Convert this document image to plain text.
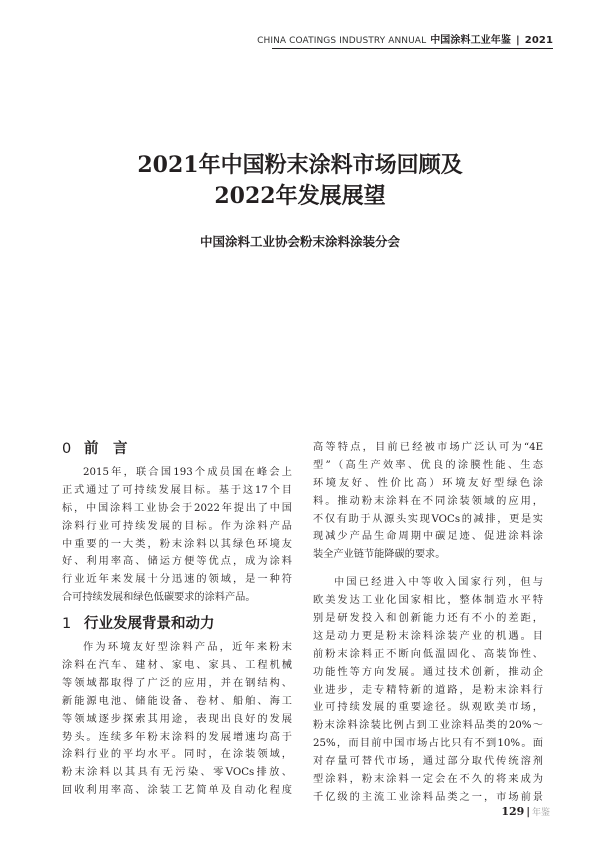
CHINA COATINGS INDUSTRY ANNUAL 中国涂料工业年鉴 | 2021
2021年中国粉末涂料市场回顾及
2022年发展展望
中国涂料工业协会粉末涂料涂装分会
0 前　言
2015年，联合国193个成员国在峰会上
正式通过了可持续发展目标。基于这17个目
标，中国涂料工业协会于2022年提出了中国
涂料行业可持续发展的目标。作为涂料产品
中重要的一大类，粉末涂料以其绿色环境友
好、利用率高、储运方便等优点，成为涂料
行业近年来发展十分迅速的领域，是一种符
合可持续发展和绿色低碳要求的涂料产品。
1 行业发展背景和动力
作为环境友好型涂料产品，近年来粉末
涂料在汽车、建材、家电、家具、工程机械
等领域都取得了广泛的应用，并在钢结构、
新能源电池、储能设备、卷材、船舶、海工
等领域逐步探索其用途，表现出良好的发展
势头。连续多年粉末涂料的发展增速均高于
涂料行业的平均水平。同时，在涂装领域，
粉末涂料以其具有无污染、零VOCs排放、
回收利用率高、涂装工艺简单及自动化程度
高等特点，目前已经被市场广泛认可为“4E
型”（高生产效率、优良的涂膜性能、生态
环境友好、性价比高）环境友好型绿色涂
料。推动粉末涂料在不同涂装领域的应用，
不仅有助于从源头实现VOCs的减排，更是实
现减少产品生命周期中碳足迹、促进涂料涂
装全产业链节能降碳的要求。
中国已经进入中等收入国家行列，但与
欧美发达工业化国家相比，整体制造水平特
别是研发投入和创新能力还有不小的差距，
这是动力更是粉末涂料涂装产业的机遇。目
前粉末涂料正不断向低温固化、高装饰性、
功能性等方向发展。通过技术创新，推动企
业进步，走专精特新的道路，是粉末涂料行
业可持续发展的重要途径。纵观欧美市场，
粉末涂料涂装比例占到工业涂料品类的20%～
25%，而目前中国市场占比只有不到10%。面
对存量可替代市场，通过部分取代传统溶剂
型涂料，粉末涂料一定会在不久的将来成为
千亿级的主流工业涂料品类之一，市场前景
129 | 年鉴
